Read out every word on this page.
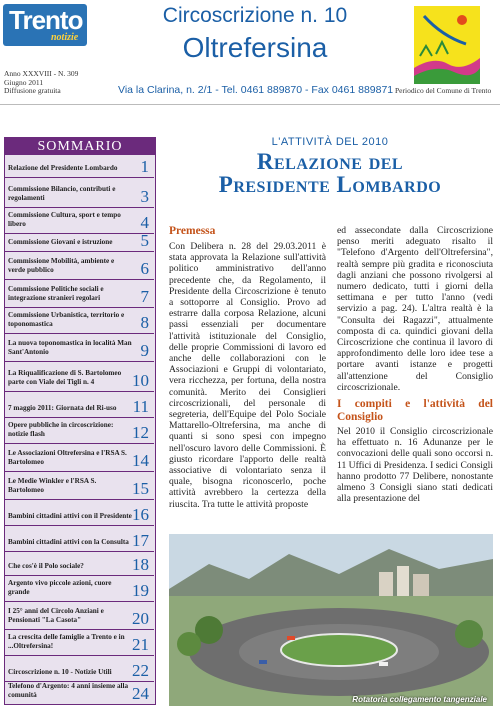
Trento
notizie
Anno XXXVIII - N. 309
Giugno 2011
Diffusione gratuita
Circoscrizione n. 10
Oltrefersina
Via la Clarina, n. 2/1 - Tel. 0461 889870 - Fax 0461 889871 Periodico del Comune di Trento
SOMMARIO
Relazione del Presidente Lombardo	1
Commissione Bilancio, contributi e regolamenti	3
Commissione Cultura, sport e tempo libero	4
Commissione Giovani e istruzione	5
Commissione Mobilità, ambiente e verde pubblico	6
Commissione Politiche sociali e integrazione stranieri regolari	7
Commissione Urbanistica, territorio e toponomastica	8
La nuova toponomastica in località Man Sant'Antonio	9
La Riqualificazione di S. Bartolomeo parte con Viale dei Tigli n. 4	10
7 maggio 2011: Giornata del Ri-uso 11
Opere pubbliche in circoscrizione: notizie flash	12
Le Associazioni Oltrefersina e l'RSA S. Bartolomeo	14
Le Medie Winkler e l'RSA S. Bartolomeo	15
Bambini cittadini attivi con il Presidente 16
Bambini cittadini attivi con la Consulta 17
Che cos'è il Polo sociale?	18
Argento vivo piccole azioni, cuore grande	19
I 25° anni del Circolo Anziani e Pensionati "La Casota"	20
La crescita delle famiglie a Trento e in ...Oltrefersina!	21
Circoscrizione n. 10 - Notizie Utili	22
Telefono d'Argento: 4 anni insieme alla comunità	24
L'ATTIVITÀ DEL 2010
Relazione del
Presidente Lombardo
Premessa

Con Delibera n. 28 del 29.03.2011 è stata approvata la Relazione sull'attività politico amministrativo dell'anno precedente che, da Regolamento, il Presidente della Circoscrizione è tenuto a sottoporre al Consiglio. Provo ad estrarre dalla corposa Relazione, alcuni passi essenziali per documentare l'attività istituzionale del Consiglio, delle proprie Commissioni di lavoro ed anche delle collaborazioni con le Associazioni e Gruppi di volontariato, vera ricchezza, per fortuna, della nostra comunità. Merito dei Consiglieri circoscrizionali, del personale di segreteria, dell'Equipe del Polo Sociale Mattarello-Oltrefersina, ma anche di quanti si sono spesi con impegno nell'oscuro lavoro delle Commissioni. È giusto ricordare l'apporto delle realtà associative di volontariato senza il quale, bisogna riconoscerlo, poche attività avrebbero la certezza della riuscita. Tra tutte le attività proposte

ed assecondate dalla Circoscrizione penso meriti adeguato risalto il "Telefono d'Argento dell'Oltrefersina", realtà sempre più gradita e riconosciuta dagli anziani che possono rivolgersi al numero dedicato, tutti i giorni della settimana e per tutto l'anno (vedi servizio a pag. 24). L'altra realtà è la "Consulta dei Ragazzi", attualmente composta di ca. quindici giovani della Circoscrizione che continua il lavoro di approfondimento delle loro idee tese a portare avanti istanze e progetti all'attenzione del Consiglio circoscrizionale.

I compiti e l'attività del Consiglio

Nel 2010 il Consiglio circoscrizionale ha effettuato n. 16 Adunanze per le convocazioni delle quali sono occorsi n. 11 Uffici di Presidenza. I sedici Consigli hanno prodotto 77 Delibere, nonostante almeno 3 Consigli siano stati dedicati alla presentazione del

Rotatoria collegamento tangenziale
